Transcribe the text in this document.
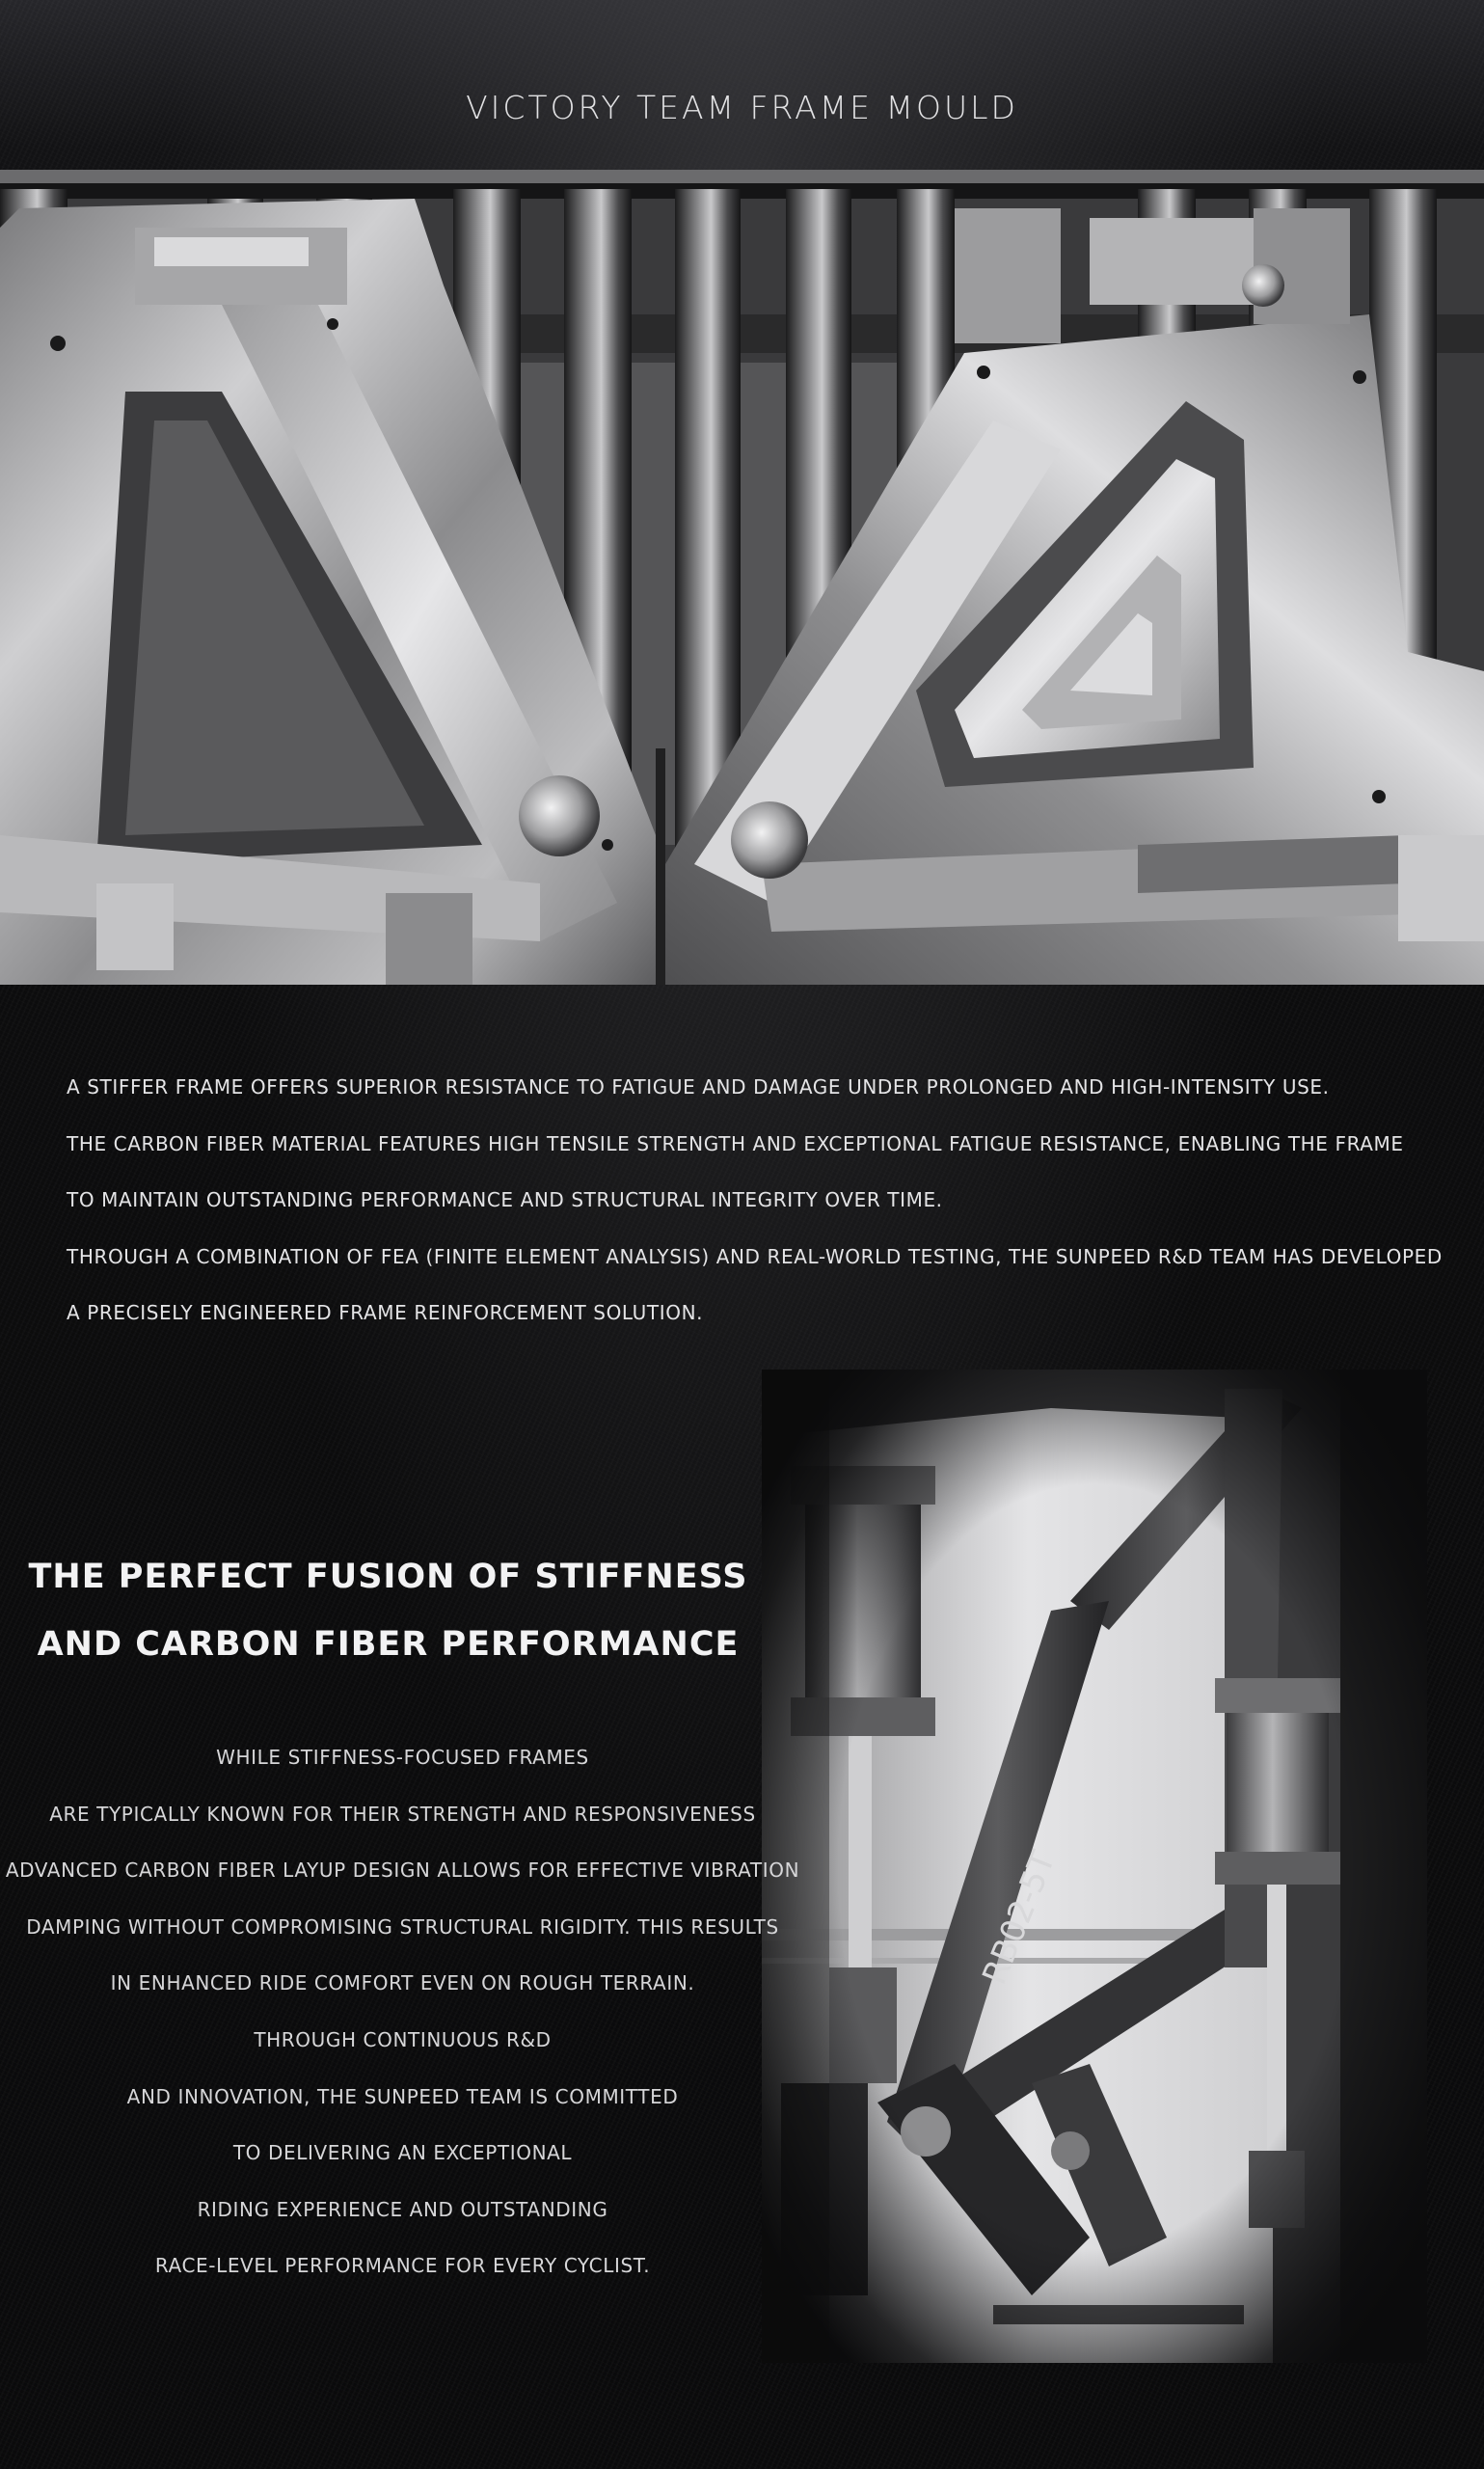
VICTORY TEAM FRAME MOULD

A STIFFER FRAME OFFERS SUPERIOR RESISTANCE TO FATIGUE AND DAMAGE UNDER PROLONGED AND HIGH-INTENSITY USE.

THE CARBON FIBER MATERIAL FEATURES HIGH TENSILE STRENGTH AND EXCEPTIONAL FATIGUE RESISTANCE, ENABLING THE FRAME

TO MAINTAIN OUTSTANDING PERFORMANCE AND STRUCTURAL INTEGRITY OVER TIME.

THROUGH A COMBINATION OF FEA (FINITE ELEMENT ANALYSIS) AND REAL-WORLD TESTING, THE SUNPEED R&D TEAM HAS DEVELOPED

A PRECISELY ENGINEERED FRAME REINFORCEMENT SOLUTION.

THE PERFECT FUSION OF STIFFNESS
AND CARBON FIBER PERFORMANCE

WHILE STIFFNESS-FOCUSED FRAMES

ARE TYPICALLY KNOWN FOR THEIR STRENGTH AND RESPONSIVENESS

ADVANCED CARBON FIBER LAYUP DESIGN ALLOWS FOR EFFECTIVE VIBRATION

DAMPING WITHOUT COMPROMISING STRUCTURAL RIGIDITY. THIS RESULTS

IN ENHANCED RIDE COMFORT EVEN ON ROUGH TERRAIN.

THROUGH CONTINUOUS R&D

AND INNOVATION, THE SUNPEED TEAM IS COMMITTED

TO DELIVERING AN EXCEPTIONAL

RIDING EXPERIENCE AND OUTSTANDING

RACE-LEVEL PERFORMANCE FOR EVERY CYCLIST.
